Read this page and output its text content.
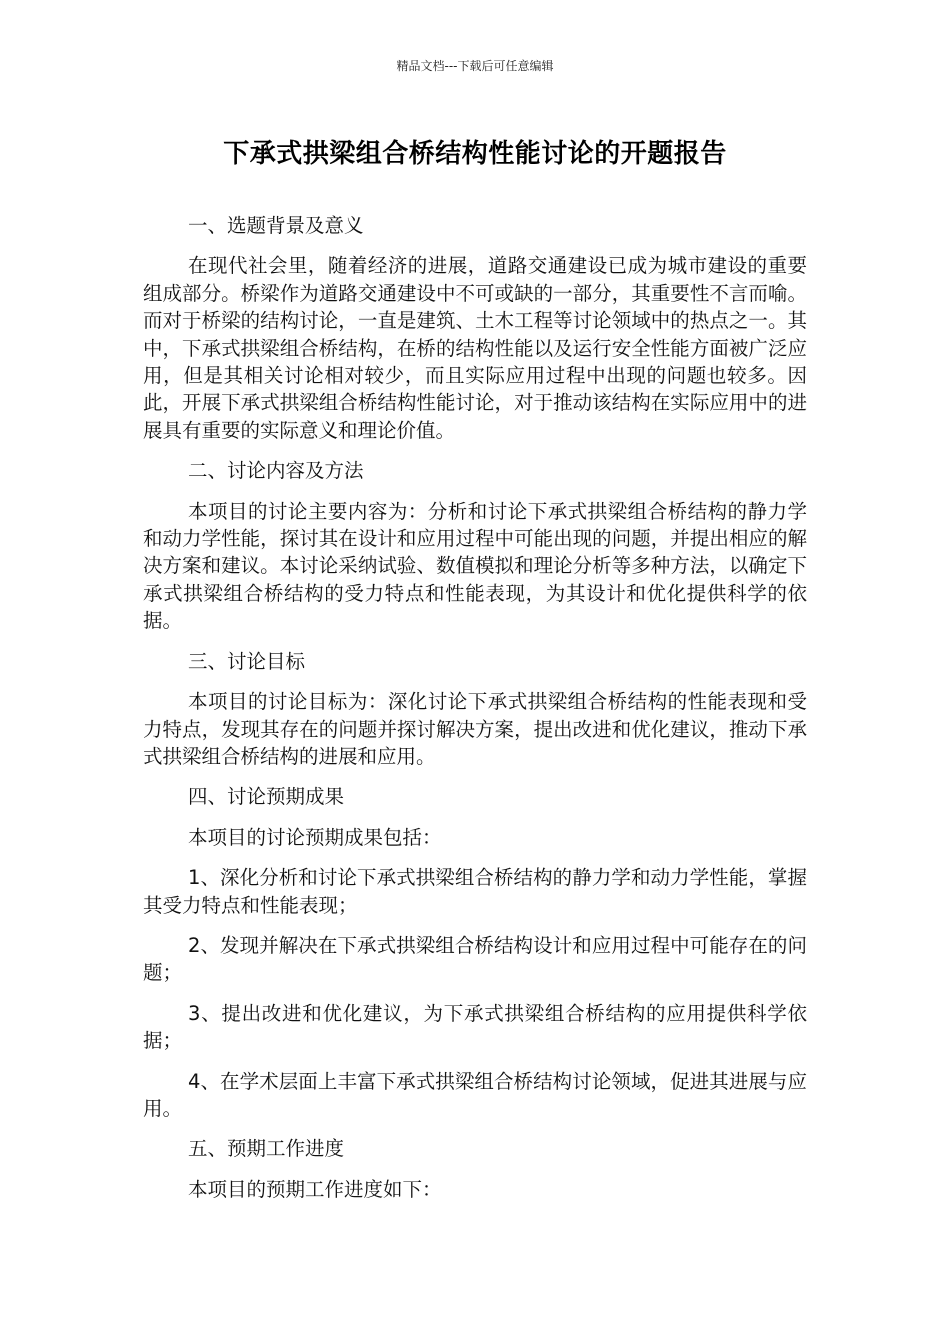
精品文档---下载后可任意编辑
下承式拱梁组合桥结构性能讨论的开题报告

一、选题背景及意义

在现代社会里，随着经济的进展，道路交通建设已成为城市建设的重要组成部分。桥梁作为道路交通建设中不可或缺的一部分，其重要性不言而喻。而对于桥梁的结构讨论，一直是建筑、土木工程等讨论领域中的热点之一。其中，下承式拱梁组合桥结构，在桥的结构性能以及运行安全性能方面被广泛应用，但是其相关讨论相对较少，而且实际应用过程中出现的问题也较多。因此，开展下承式拱梁组合桥结构性能讨论，对于推动该结构在实际应用中的进展具有重要的实际意义和理论价值。

二、讨论内容及方法

本项目的讨论主要内容为：分析和讨论下承式拱梁组合桥结构的静力学和动力学性能，探讨其在设计和应用过程中可能出现的问题，并提出相应的解决方案和建议。本讨论采纳试验、数值模拟和理论分析等多种方法，以确定下承式拱梁组合桥结构的受力特点和性能表现，为其设计和优化提供科学的依据。

三、讨论目标

本项目的讨论目标为：深化讨论下承式拱梁组合桥结构的性能表现和受力特点，发现其存在的问题并探讨解决方案，提出改进和优化建议，推动下承式拱梁组合桥结构的进展和应用。

四、讨论预期成果

本项目的讨论预期成果包括：

1、深化分析和讨论下承式拱梁组合桥结构的静力学和动力学性能，掌握其受力特点和性能表现；

2、发现并解决在下承式拱梁组合桥结构设计和应用过程中可能存在的问题；

3、提出改进和优化建议，为下承式拱梁组合桥结构的应用提供科学依据；

4、在学术层面上丰富下承式拱梁组合桥结构讨论领域，促进其进展与应用。

五、预期工作进度

本项目的预期工作进度如下：
